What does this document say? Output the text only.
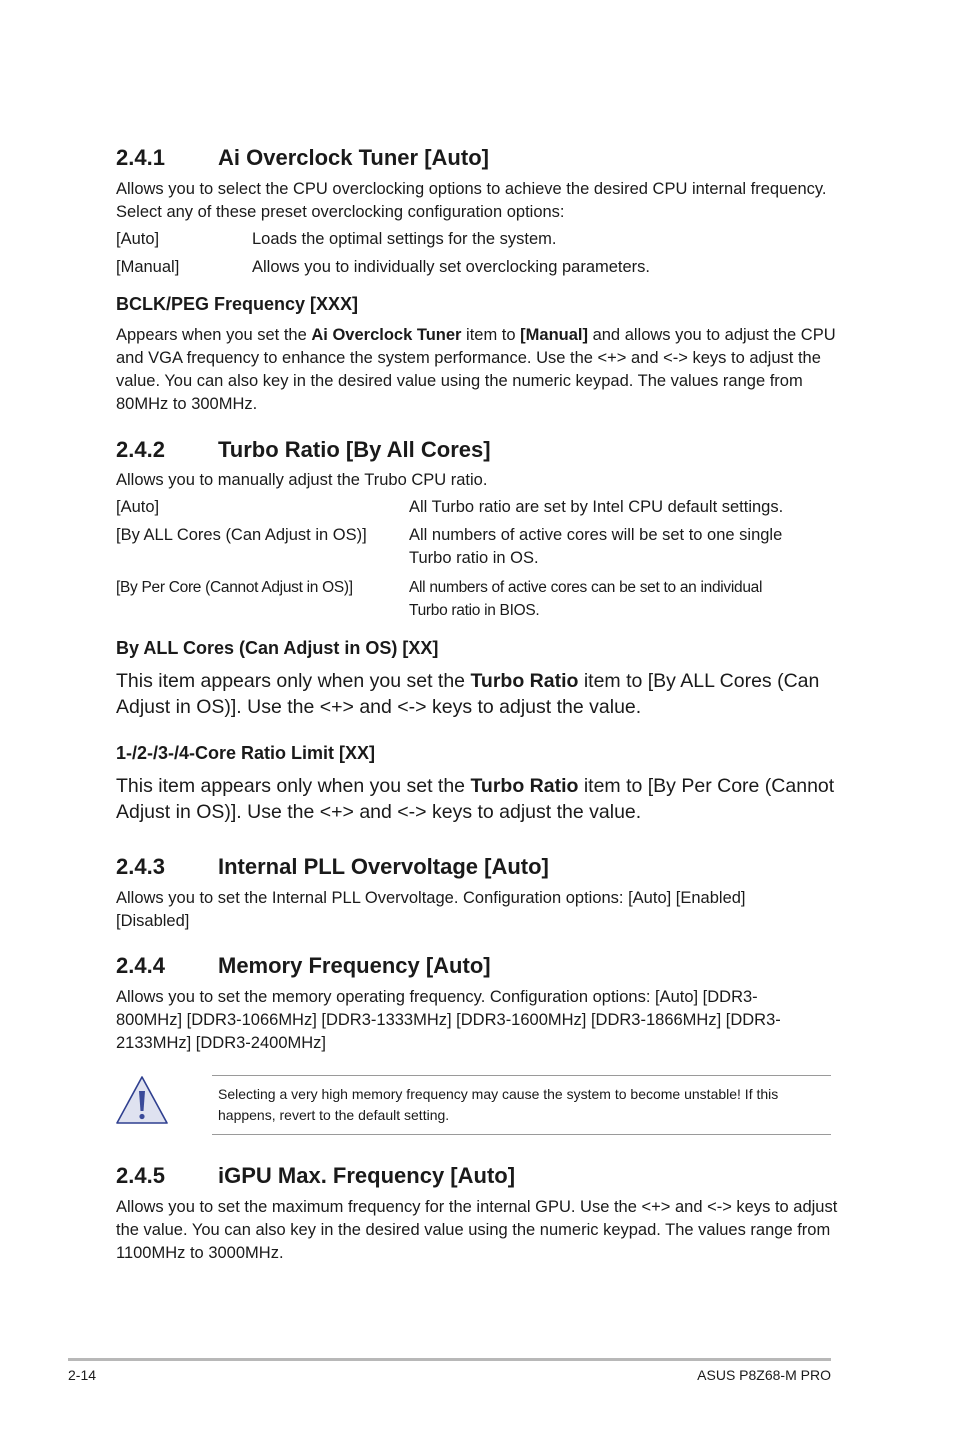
2.4.1 Ai Overclock Tuner [Auto]
Allows you to select the CPU overclocking options to achieve the desired CPU internal frequency. Select any of these preset overclocking configuration options:
[Auto]	Loads the optimal settings for the system.
[Manual]	Allows you to individually set overclocking parameters.
BCLK/PEG Frequency [XXX]
Appears when you set the Ai Overclock Tuner item to [Manual] and allows you to adjust the CPU and VGA frequency to enhance the system performance. Use the <+> and <-> keys to adjust the value. You can also key in the desired value using the numeric keypad. The values range from 80MHz to 300MHz.
2.4.2 Turbo Ratio [By All Cores]
Allows you to manually adjust the Trubo CPU ratio.
[Auto]	All Turbo ratio are set by Intel CPU default settings.
[By ALL Cores (Can Adjust in OS)]	All numbers of active cores will be set to one single
Turbo ratio in OS.
[By Per Core (Cannot Adjust in OS)]	All numbers of active cores can be set to an individual
Turbo ratio in BIOS.
By ALL Cores (Can Adjust in OS) [XX]
This item appears only when you set the Turbo Ratio item to [By ALL Cores (Can Adjust in OS)]. Use the <+> and <-> keys to adjust the value.
1-/2-/3-/4-Core Ratio Limit [XX]
This item appears only when you set the Turbo Ratio item to [By Per Core (Cannot Adjust in OS)]. Use the <+> and <-> keys to adjust the value.
2.4.3 Internal PLL Overvoltage [Auto]
Allows you to set the Internal PLL Overvoltage. Configuration options: [Auto] [Enabled] [Disabled]
2.4.4 Memory Frequency [Auto]
Allows you to set the memory operating frequency. Configuration options: [Auto] [DDR3-800MHz] [DDR3-1066MHz] [DDR3-1333MHz] [DDR3-1600MHz] [DDR3-1866MHz] [DDR3-2133MHz] [DDR3-2400MHz]
Selecting a very high memory frequency may cause the system to become unstable! If this happens, revert to the default setting.
2.4.5 iGPU Max. Frequency [Auto]
Allows you to set the maximum frequency for the internal GPU. Use the <+> and <-> keys to adjust the value. You can also key in the desired value using the numeric keypad. The values range from 1100MHz to 3000MHz.
2-14	ASUS P8Z68-M PRO
